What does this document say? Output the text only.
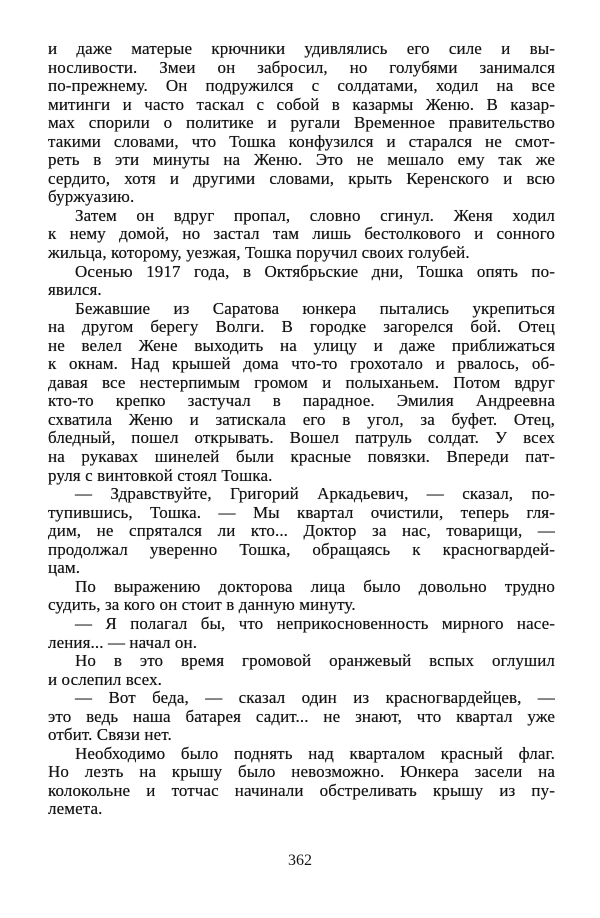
и даже матерые крючники удивлялись его силе и вы-
носливости. Змеи он забросил, но голубями занимался
по-прежнему. Он подружился с солдатами, ходил на все
митинги и часто таскал с собой в казармы Женю. В казар-
мах спорили о политике и ругали Временное правительство
такими словами, что Тошка конфузился и старался не смот-
реть в эти минуты на Женю. Это не мешало ему так же
сердито, хотя и другими словами, крыть Керенского и всю
буржуазию.
Затем он вдруг пропал, словно сгинул. Женя ходил
к нему домой, но застал там лишь бестолкового и сонного
жильца, которому, уезжая, Тошка поручил своих голубей.
Осенью 1917 года, в Октябрьские дни, Тошка опять по-
явился.
Бежавшие из Саратова юнкера пытались укрепиться
на другом берегу Волги. В городке загорелся бой. Отец
не велел Жене выходить на улицу и даже приближаться
к окнам. Над крышей дома что-то грохотало и рвалось, об-
давая все нестерпимым громом и полыханьем. Потом вдруг
кто-то крепко застучал в парадное. Эмилия Андреевна
схватила Женю и затискала его в угол, за буфет. Отец,
бледный, пошел открывать. Вошел патруль солдат. У всех
на рукавах шинелей были красные повязки. Впереди пат-
руля с винтовкой стоял Тошка.
— Здравствуйте, Григорий Аркадьевич, — сказал, по-
тупившись, Тошка. — Мы квартал очистили, теперь гля-
дим, не спрятался ли кто... Доктор за нас, товарищи, —
продолжал уверенно Тошка, обращаясь к красногвардей-
цам.
По выражению докторова лица было довольно трудно
судить, за кого он стоит в данную минуту.
— Я полагал бы, что неприкосновенность мирного насе-
ления... — начал он.
Но в это время громовой оранжевый вспых оглушил
и ослепил всех.
— Вот беда, — сказал один из красногвардейцев, —
это ведь наша батарея садит... не знают, что квартал уже
отбит. Связи нет.
Необходимо было поднять над кварталом красный флаг.
Но лезть на крышу было невозможно. Юнкера засели на
колокольне и тотчас начинали обстреливать крышу из пу-
лемета.
362
